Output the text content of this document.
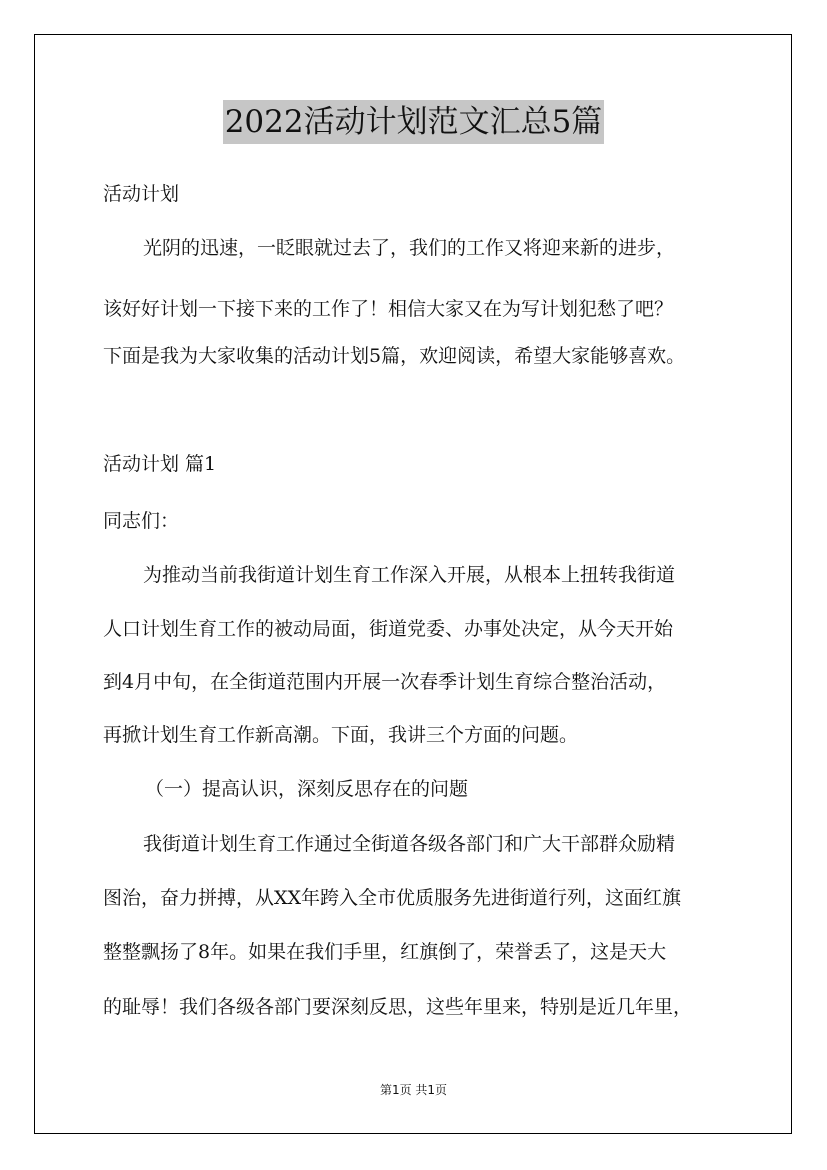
2022活动计划范文汇总5篇
活动计划
光阴的迅速，一眨眼就过去了，我们的工作又将迎来新的进步，
该好好计划一下接下来的工作了！相信大家又在为写计划犯愁了吧？
下面是我为大家收集的活动计划5篇，欢迎阅读，希望大家能够喜欢。
活动计划 篇1
同志们：
为推动当前我街道计划生育工作深入开展，从根本上扭转我街道
人口计划生育工作的被动局面，街道党委、办事处决定，从今天开始
到4月中旬，在全街道范围内开展一次春季计划生育综合整治活动，
再掀计划生育工作新高潮。下面，我讲三个方面的问题。
（一）提高认识，深刻反思存在的问题
我街道计划生育工作通过全街道各级各部门和广大干部群众励精
图治，奋力拼搏，从XX年跨入全市优质服务先进街道行列，这面红旗
整整飘扬了8年。如果在我们手里，红旗倒了，荣誉丢了，这是天大
的耻辱！我们各级各部门要深刻反思，这些年里来，特别是近几年里，
第1页 共1页
